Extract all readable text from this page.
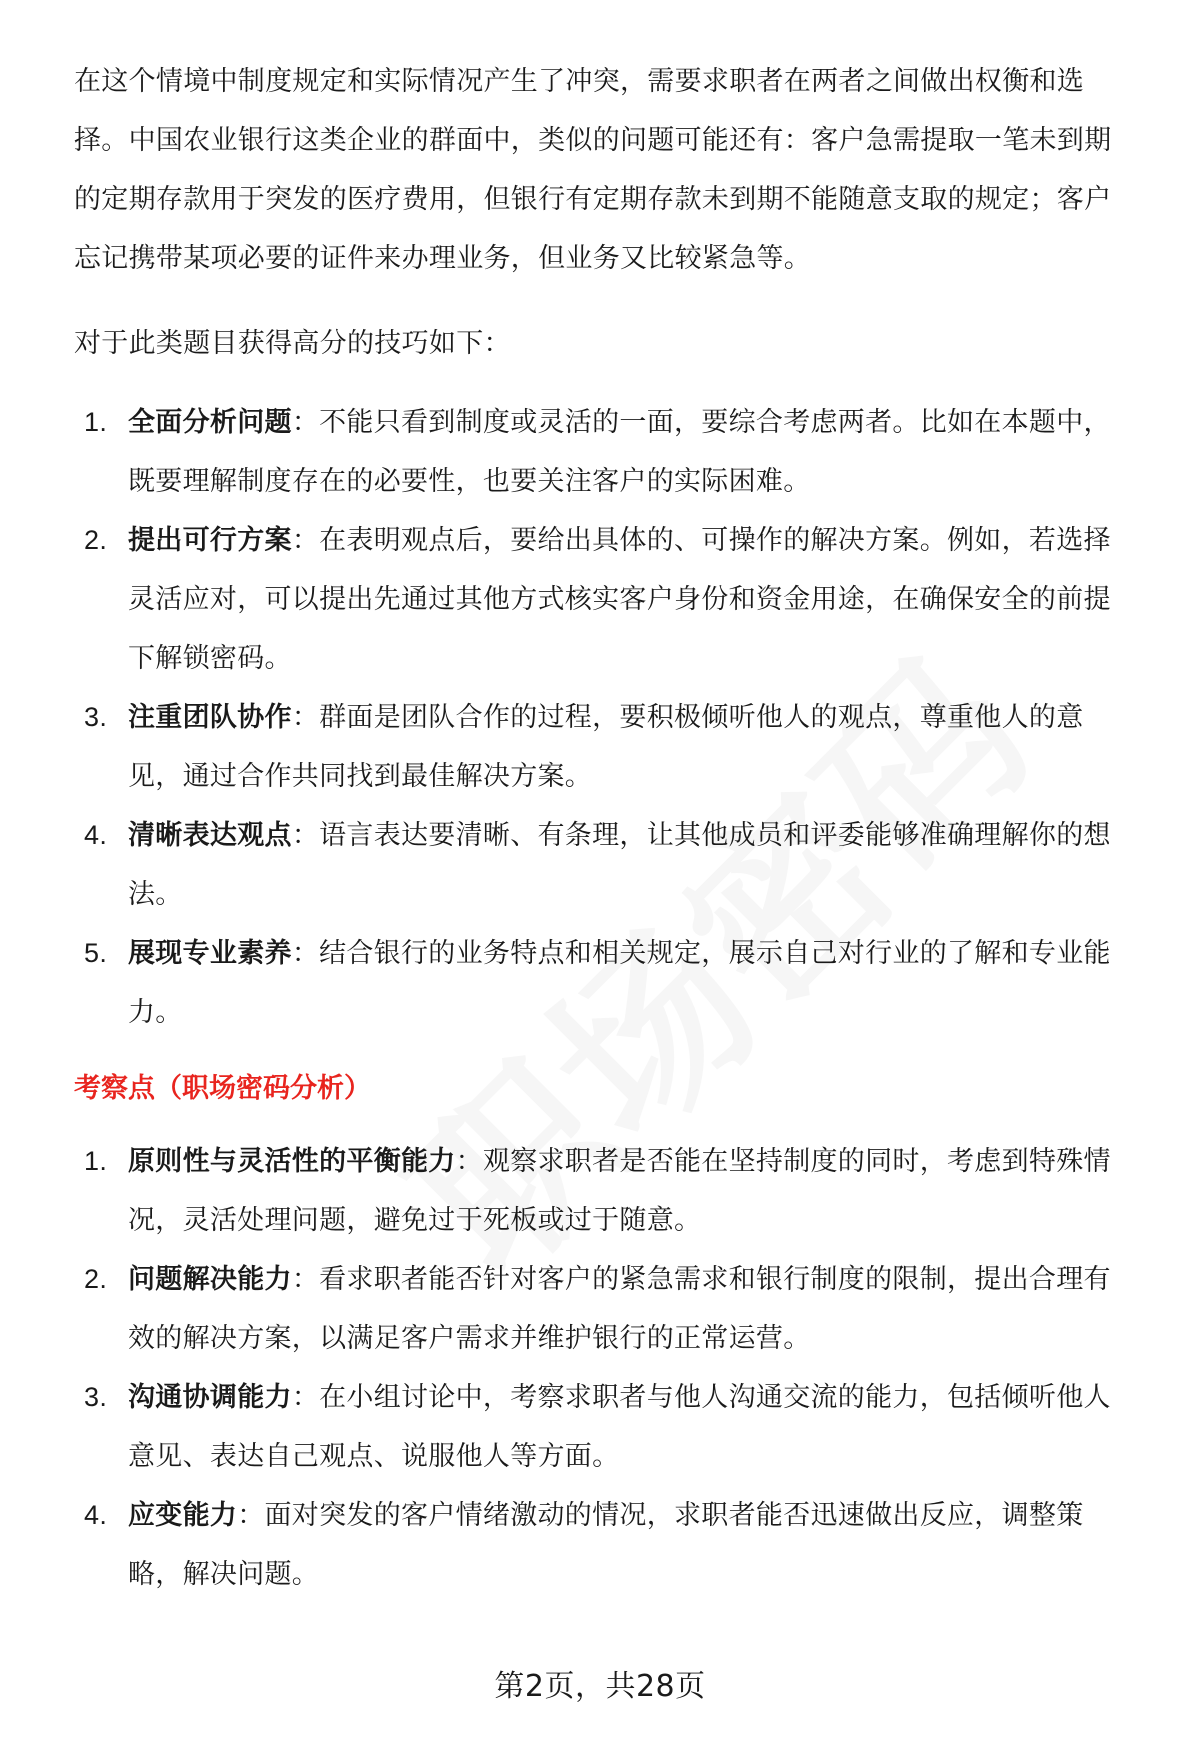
在这个情境中制度规定和实际情况产生了冲突，需要求职者在两者之间做出权衡和选择。中国农业银行这类企业的群面中，类似的问题可能还有：客户急需提取一笔未到期的定期存款用于突发的医疗费用，但银行有定期存款未到期不能随意支取的规定；客户忘记携带某项必要的证件来办理业务，但业务又比较紧急等。

对于此类题目获得高分的技巧如下：

1. 全面分析问题：不能只看到制度或灵活的一面，要综合考虑两者。比如在本题中，既要理解制度存在的必要性，也要关注客户的实际困难。
2. 提出可行方案：在表明观点后，要给出具体的、可操作的解决方案。例如，若选择灵活应对，可以提出先通过其他方式核实客户身份和资金用途，在确保安全的前提下解锁密码。
3. 注重团队协作：群面是团队合作的过程，要积极倾听他人的观点，尊重他人的意见，通过合作共同找到最佳解决方案。
4. 清晰表达观点：语言表达要清晰、有条理，让其他成员和评委能够准确理解你的想法。
5. 展现专业素养：结合银行的业务特点和相关规定，展示自己对行业的了解和专业能力。
考察点（职场密码分析）
1. 原则性与灵活性的平衡能力：观察求职者是否能在坚持制度的同时，考虑到特殊情况，灵活处理问题，避免过于死板或过于随意。
2. 问题解决能力：看求职者能否针对客户的紧急需求和银行制度的限制，提出合理有效的解决方案，以满足客户需求并维护银行的正常运营。
3. 沟通协调能力：在小组讨论中，考察求职者与他人沟通交流的能力，包括倾听他人意见、表达自己观点、说服他人等方面。
4. 应变能力：面对突发的客户情绪激动的情况，求职者能否迅速做出反应，调整策略，解决问题。
第2页，共28页
